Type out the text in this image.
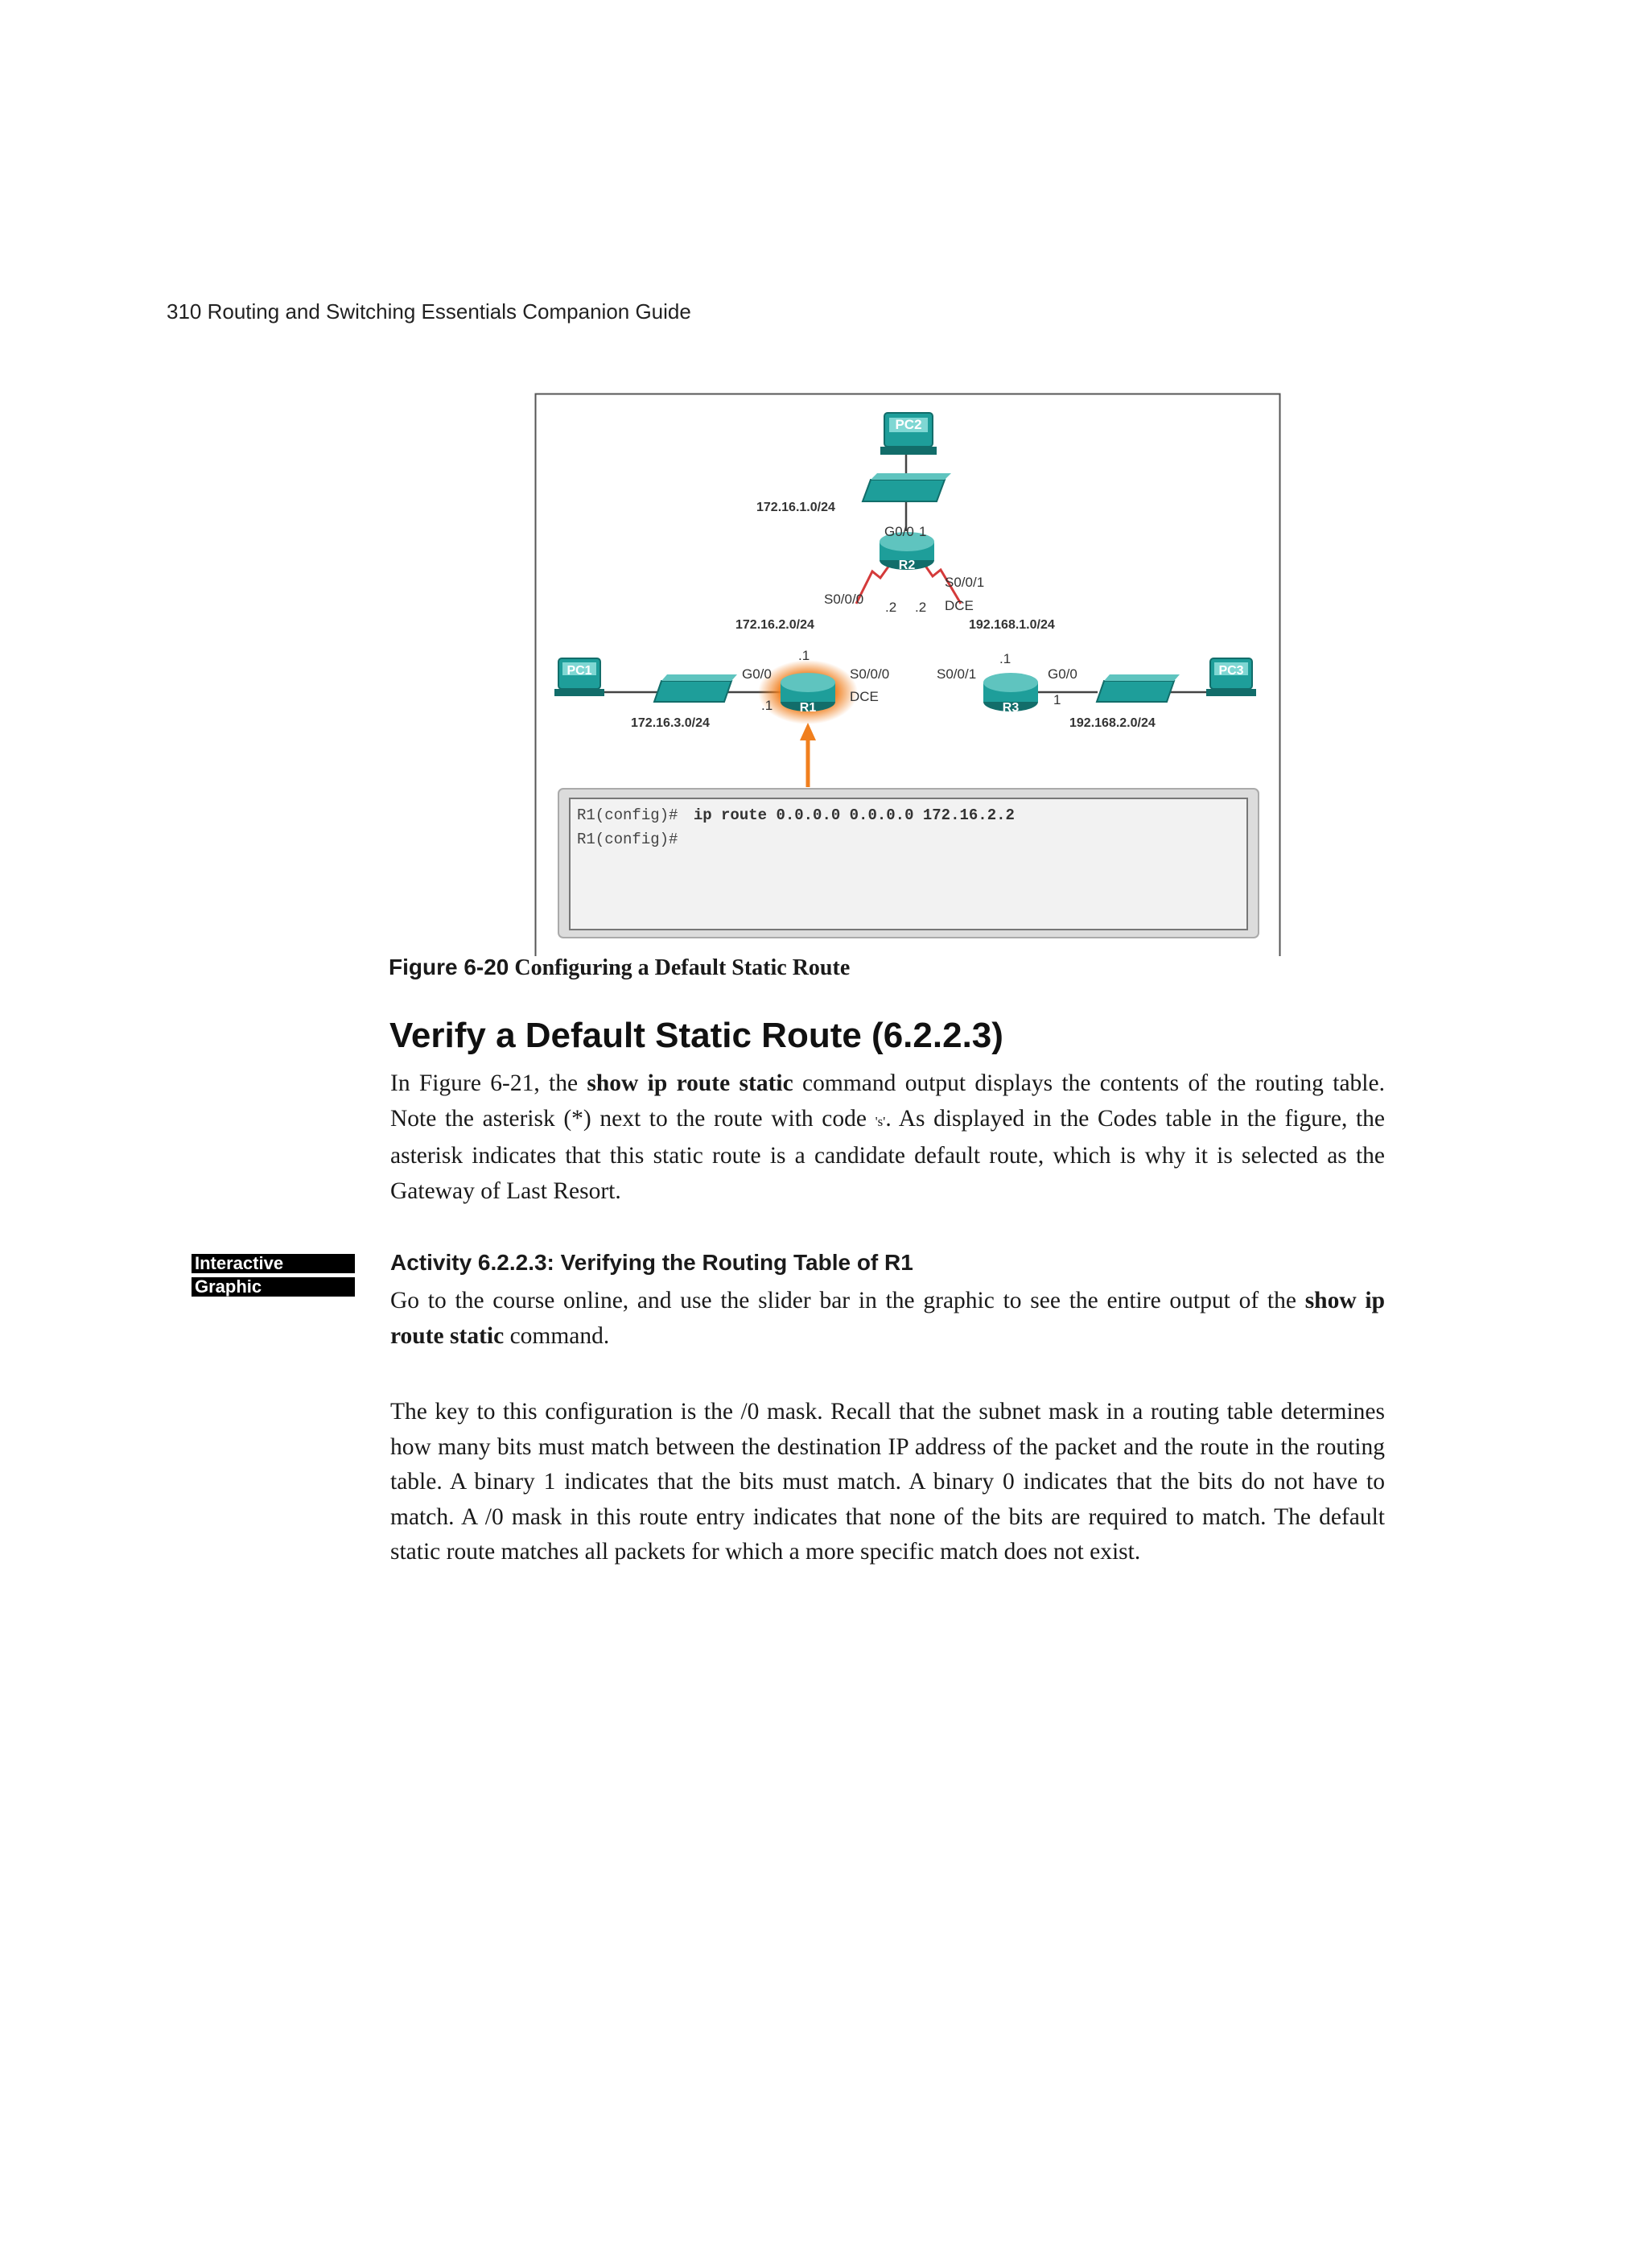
310 Routing and Switching Essentials Companion Guide
PC2
172.16.1.0/24
R2
G0/0 1
S0/0/0
.2
S0/0/1
.2 DCE
172.16.2.0/24	192.168.1.0/24
PC1
172.16.3.0/24
R1
G0/0
.1
.1
S0/0/0
DCE
R3
S0/0/1
.1
G0/0
1
192.168.2.0/24
PC3
R1(config)# ip route 0.0.0.0 0.0.0.0 172.16.2.2
R1(config)#
Figure 6-20 Configuring a Default Static Route
Verify a Default Static Route (6.2.2.3)
In Figure 6-21, the show ip route static command output displays the contents of the routing table. Note the asterisk (*) next to the route with code 's'. As displayed in the Codes table in the figure, the asterisk indicates that this static route is a candidate default route, which is why it is selected as the Gateway of Last Resort.
Interactive
Graphic
Activity 6.2.2.3: Verifying the Routing Table of R1
Go to the course online, and use the slider bar in the graphic to see the entire output of the show ip route static command.
The key to this configuration is the /0 mask. Recall that the subnet mask in a routing table determines how many bits must match between the destination IP address of the packet and the route in the routing table. A binary 1 indicates that the bits must match. A binary 0 indicates that the bits do not have to match. A /0 mask in this route entry indicates that none of the bits are required to match. The default static route matches all packets for which a more specific match does not exist.
